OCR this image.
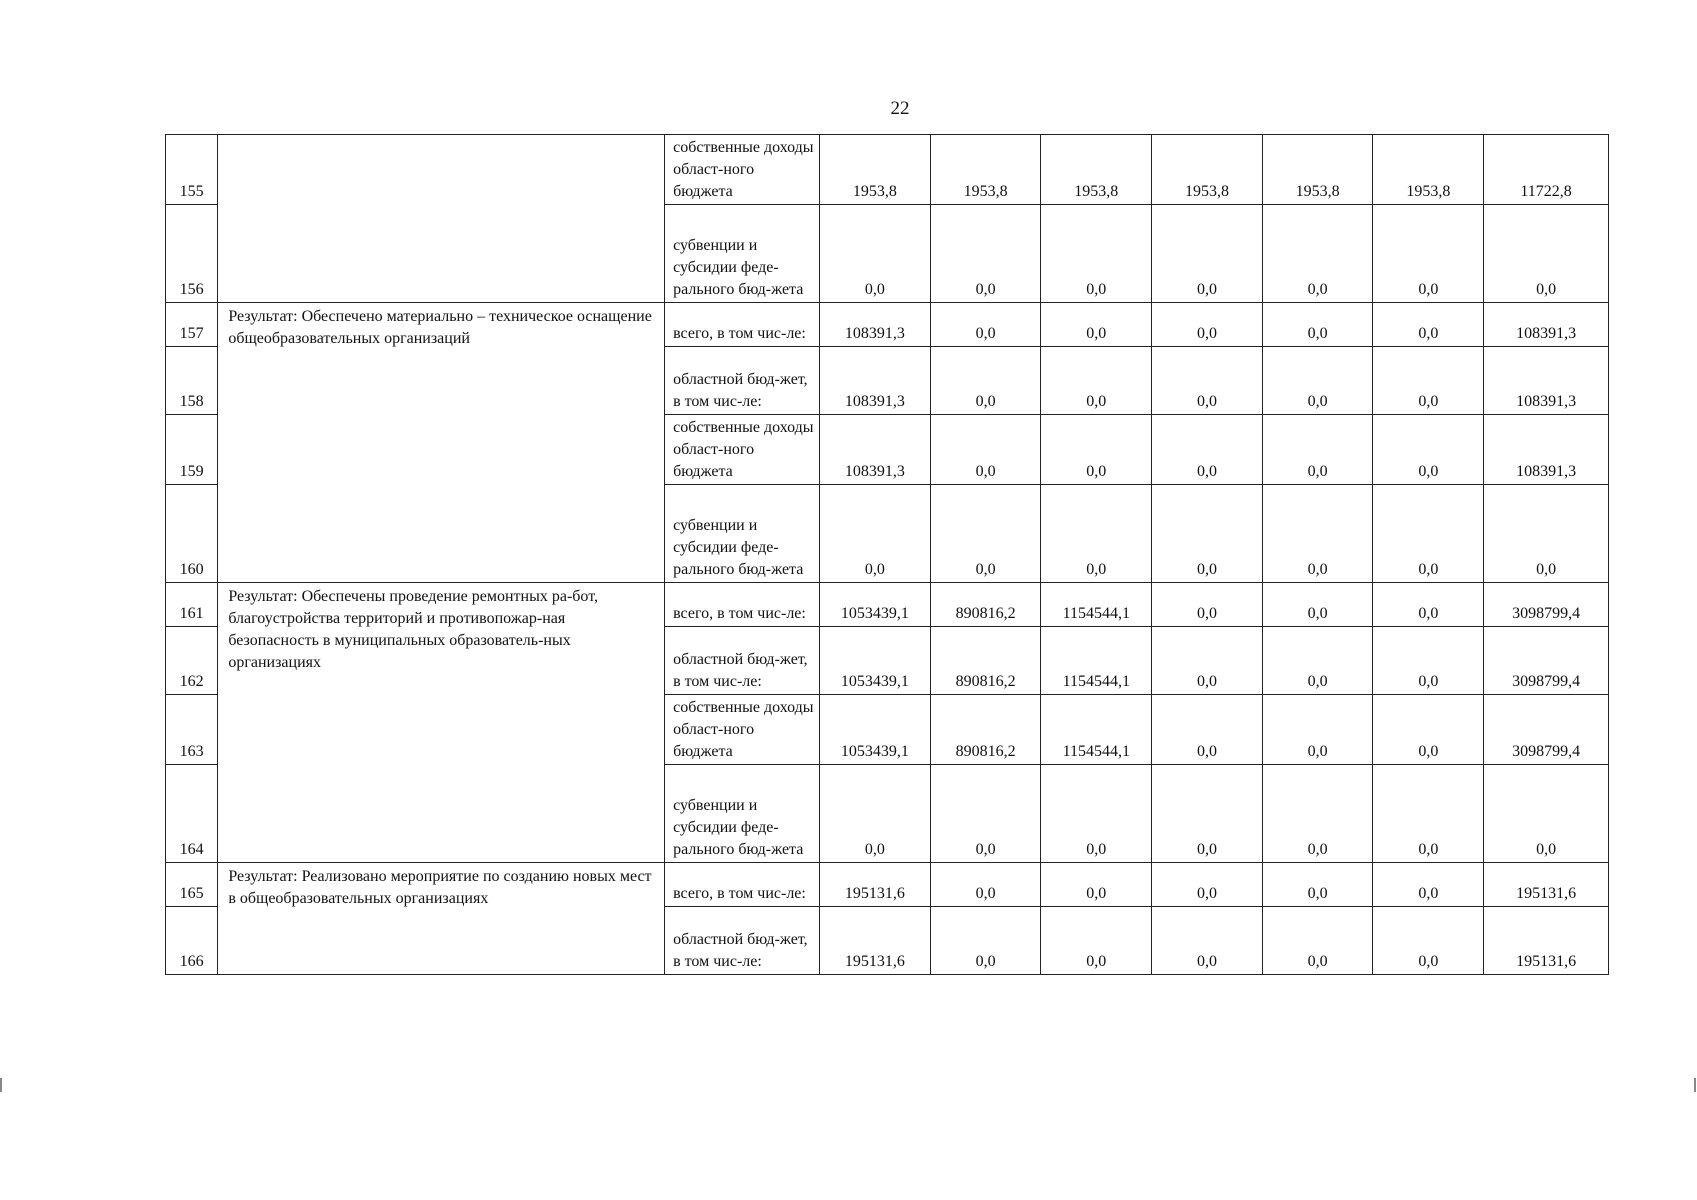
22
155		собственные доходы област-ного бюджета	1953,8	1953,8	1953,8	1953,8	1953,8	1953,8	11722,8
156		субвенции и субсидии феде-рального бюд-жета	0,0	0,0	0,0	0,0	0,0	0,0	0,0
157	Результат: Обеспечено материально – техническое оснащение общеобразовательных организаций	всего, в том чис-ле:	108391,3	0,0	0,0	0,0	0,0	0,0	108391,3
158		областной бюд-жет, в том чис-ле:	108391,3	0,0	0,0	0,0	0,0	0,0	108391,3
159		собственные доходы област-ного бюджета	108391,3	0,0	0,0	0,0	0,0	0,0	108391,3
160		субвенции и субсидии феде-рального бюд-жета	0,0	0,0	0,0	0,0	0,0	0,0	0,0
161	Результат: Обеспечены проведение ремонтных ра-бот, благоустройства территорий и противопожар-ная безопасность в муниципальных образователь-ных организациях	всего, в том чис-ле:	1053439,1	890816,2	1154544,1	0,0	0,0	0,0	3098799,4
162		областной бюд-жет, в том чис-ле:	1053439,1	890816,2	1154544,1	0,0	0,0	0,0	3098799,4
163		собственные доходы област-ного бюджета	1053439,1	890816,2	1154544,1	0,0	0,0	0,0	3098799,4
164		субвенции и субсидии феде-рального бюд-жета	0,0	0,0	0,0	0,0	0,0	0,0	0,0
165	Результат: Реализовано мероприятие по созданию новых мест в общеобразовательных организациях	всего, в том чис-ле:	195131,6	0,0	0,0	0,0	0,0	0,0	195131,6
166		областной бюд-жет, в том чис-ле:	195131,6	0,0	0,0	0,0	0,0	0,0	195131,6
